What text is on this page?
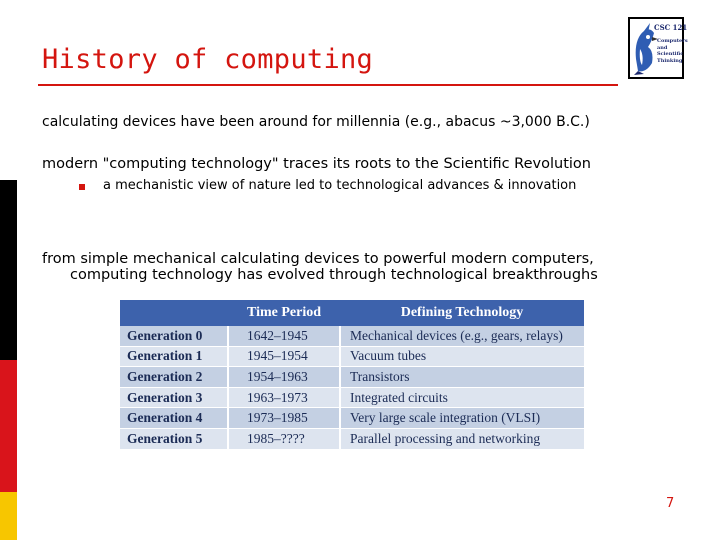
History of computing
CSC 121
Computers and Scientific Thinking
calculating devices have been around for millennia (e.g., abacus ~3,000 B.C.)
modern "computing technology" traces its roots to the Scientific Revolution
a mechanistic view of nature led to technological advances & innovation
from simple mechanical calculating devices to powerful modern computers,
computing technology has evolved through technological breakthroughs
	Time Period	Defining Technology
Generation 0	1642–1945	Mechanical devices (e.g., gears, relays)
Generation 1	1945–1954	Vacuum tubes
Generation 2	1954–1963	Transistors
Generation 3	1963–1973	Integrated circuits
Generation 4	1973–1985	Very large scale integration (VLSI)
Generation 5	1985–????	Parallel processing and networking
7
